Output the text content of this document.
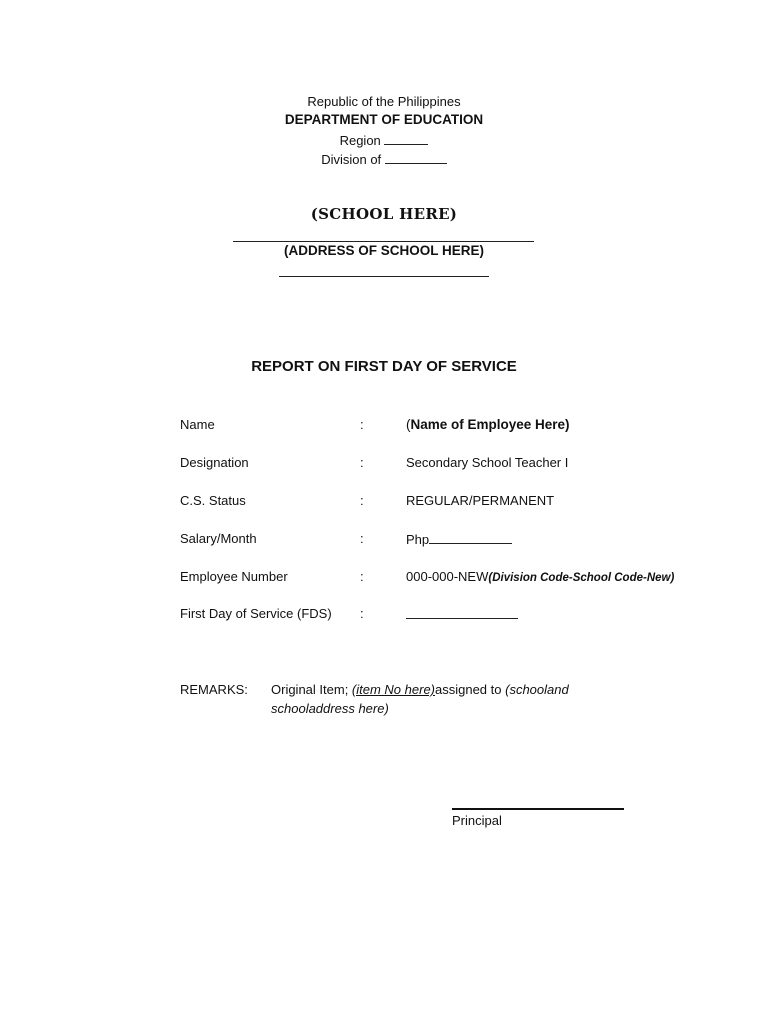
Republic of the Philippines
DEPARTMENT OF EDUCATION
Region
Division of
(SCHOOL HERE)
(ADDRESS OF SCHOOL HERE)
REPORT ON FIRST DAY OF SERVICE
Name	:	(Name of Employee Here)
Designation	:	Secondary School Teacher I
C.S. Status	:	REGULAR/PERMANENT
Salary/Month	:	Php
Employee Number	:	000-000-NEW(Division Code-School Code-New)
First Day of Service (FDS) :
REMARKS: Original Item; (item No here)assigned to (schooland schooladdress here)
Principal
